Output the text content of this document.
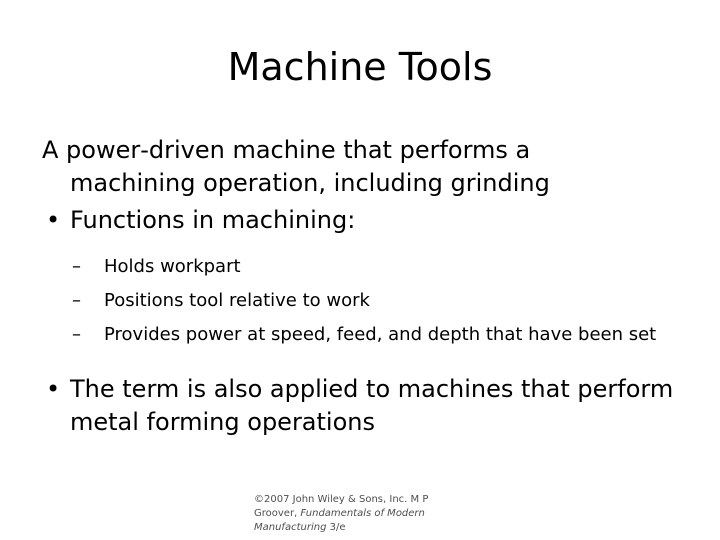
Machine Tools

A power‐driven machine that performs a
machining operation, including grinding

• Functions in machining:
– Holds workpart
– Positions tool relative to work
– Provides power at speed, feed, and depth that have been set
• The term is also applied to machines that perform metal forming operations
©2007 John Wiley & Sons, Inc. M P Groover, Fundamentals of Modern Manufacturing 3/e
